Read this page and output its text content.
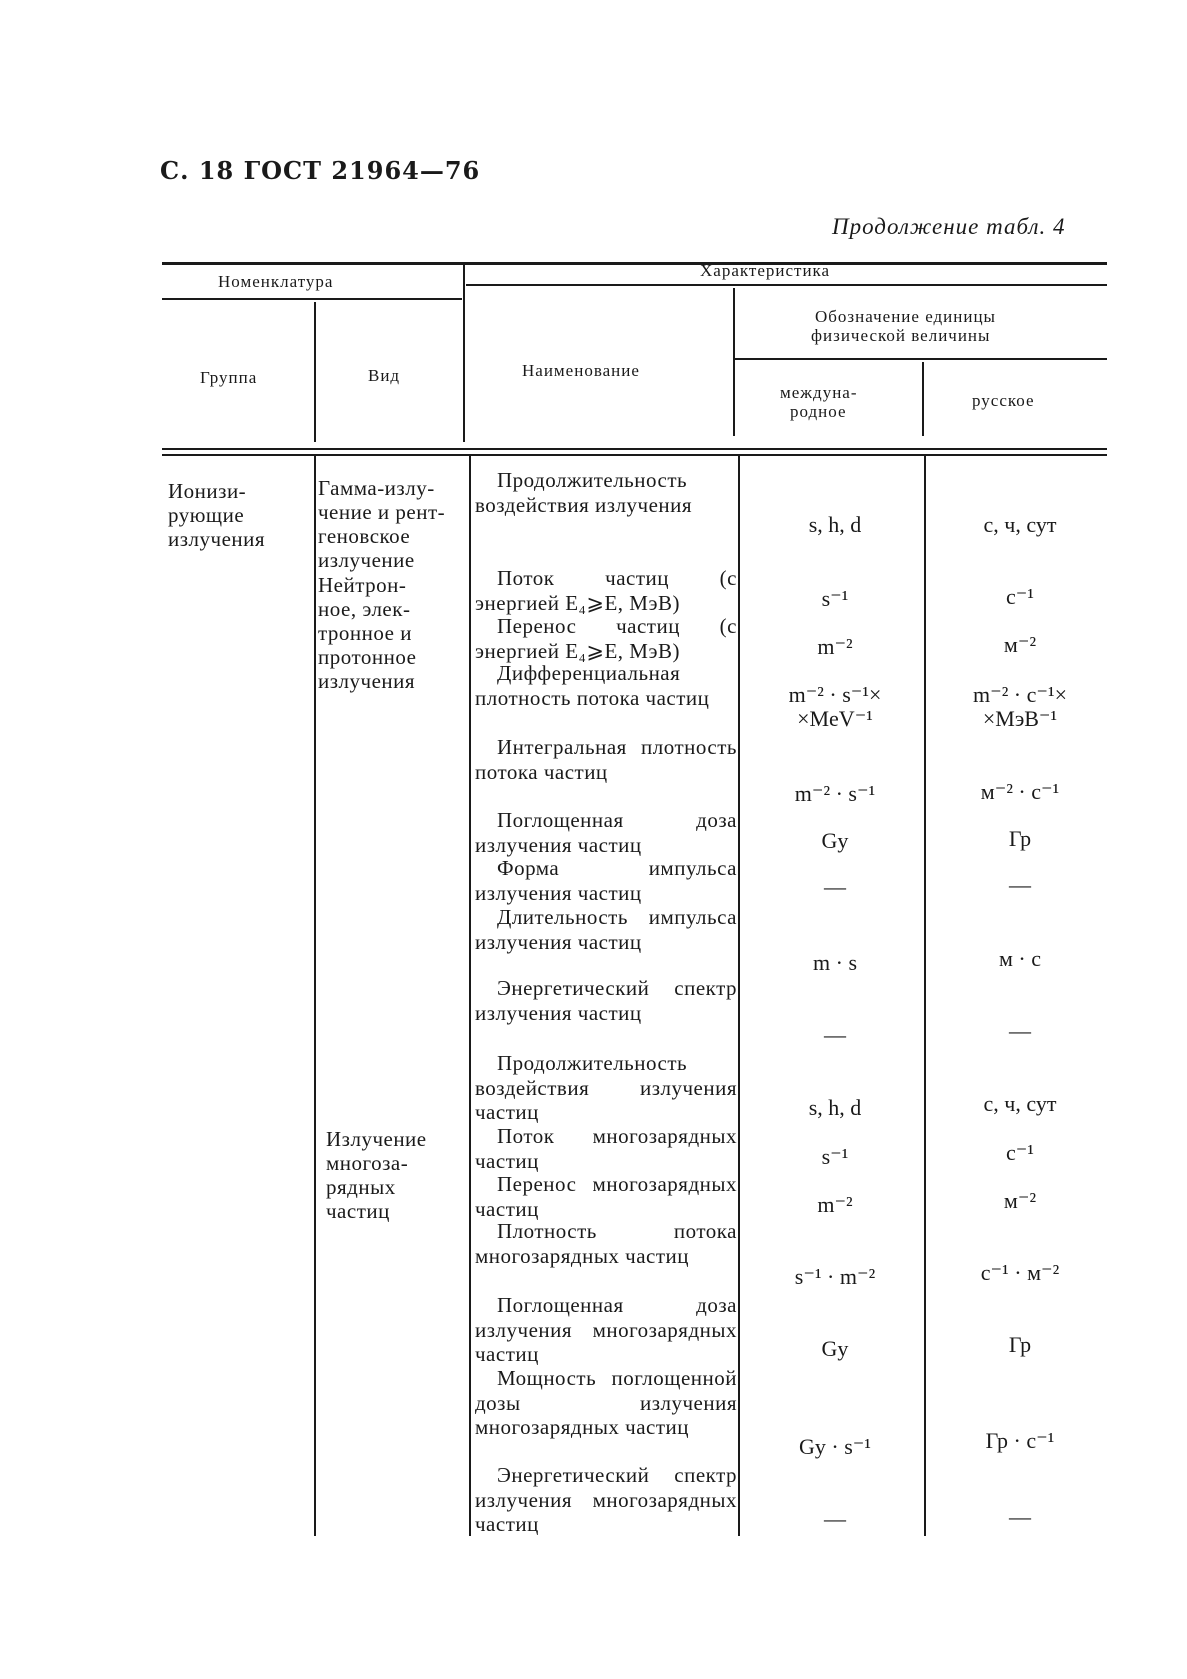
С. 18 ГОСТ 21964—76
Продолжение табл. 4
Номенклатура
Характеристика
Группа	Вид	Наименование
Обозначение единицы
физической величины
междуна-
родное
русское
Ионизи-
рующие
излучения
Гамма-излу-
чение и рент-
геновское
излучение
Нейтрон-
ное, элек-
тронное и
протонное
излучения
Излучение
многоза-
рядных
частиц
Продолжительность воздействия излучения
Поток частиц (с энергией E₄⩾E, МэВ)
Перенос частиц (с энергией E₄⩾E, МэВ)
Дифференциальная плотность потока частиц
Интегральная плотность потока частиц
Поглощенная доза излучения частиц
Форма импульса излучения частиц
Длительность импульса излучения частиц
Энергетический спектр излучения частиц
Продолжительность воздействия излучения частиц
Поток многозарядных частиц
Перенос многозарядных частиц
Плотность потока многозарядных частиц
Поглощенная доза излучения многозарядных частиц
Мощность поглощенной дозы излучения многозарядных частиц
Энергетический спектр излучения многозарядных частиц
s, h, d
s⁻¹
m⁻²
m⁻² · s⁻¹×
×MeV⁻¹
m⁻² · s⁻¹
Gy
—
m · s
—
s, h, d
s⁻¹
m⁻²
s⁻¹ · m⁻²
Gy
Gy · s⁻¹
—
с, ч, сут
с⁻¹
м⁻²
m⁻² · c⁻¹×
×МэВ⁻¹
м⁻² · с⁻¹
Гр
—
м · с
—
с, ч, сут
с⁻¹
м⁻²
с⁻¹ · м⁻²
Гр
Гр · с⁻¹
—
